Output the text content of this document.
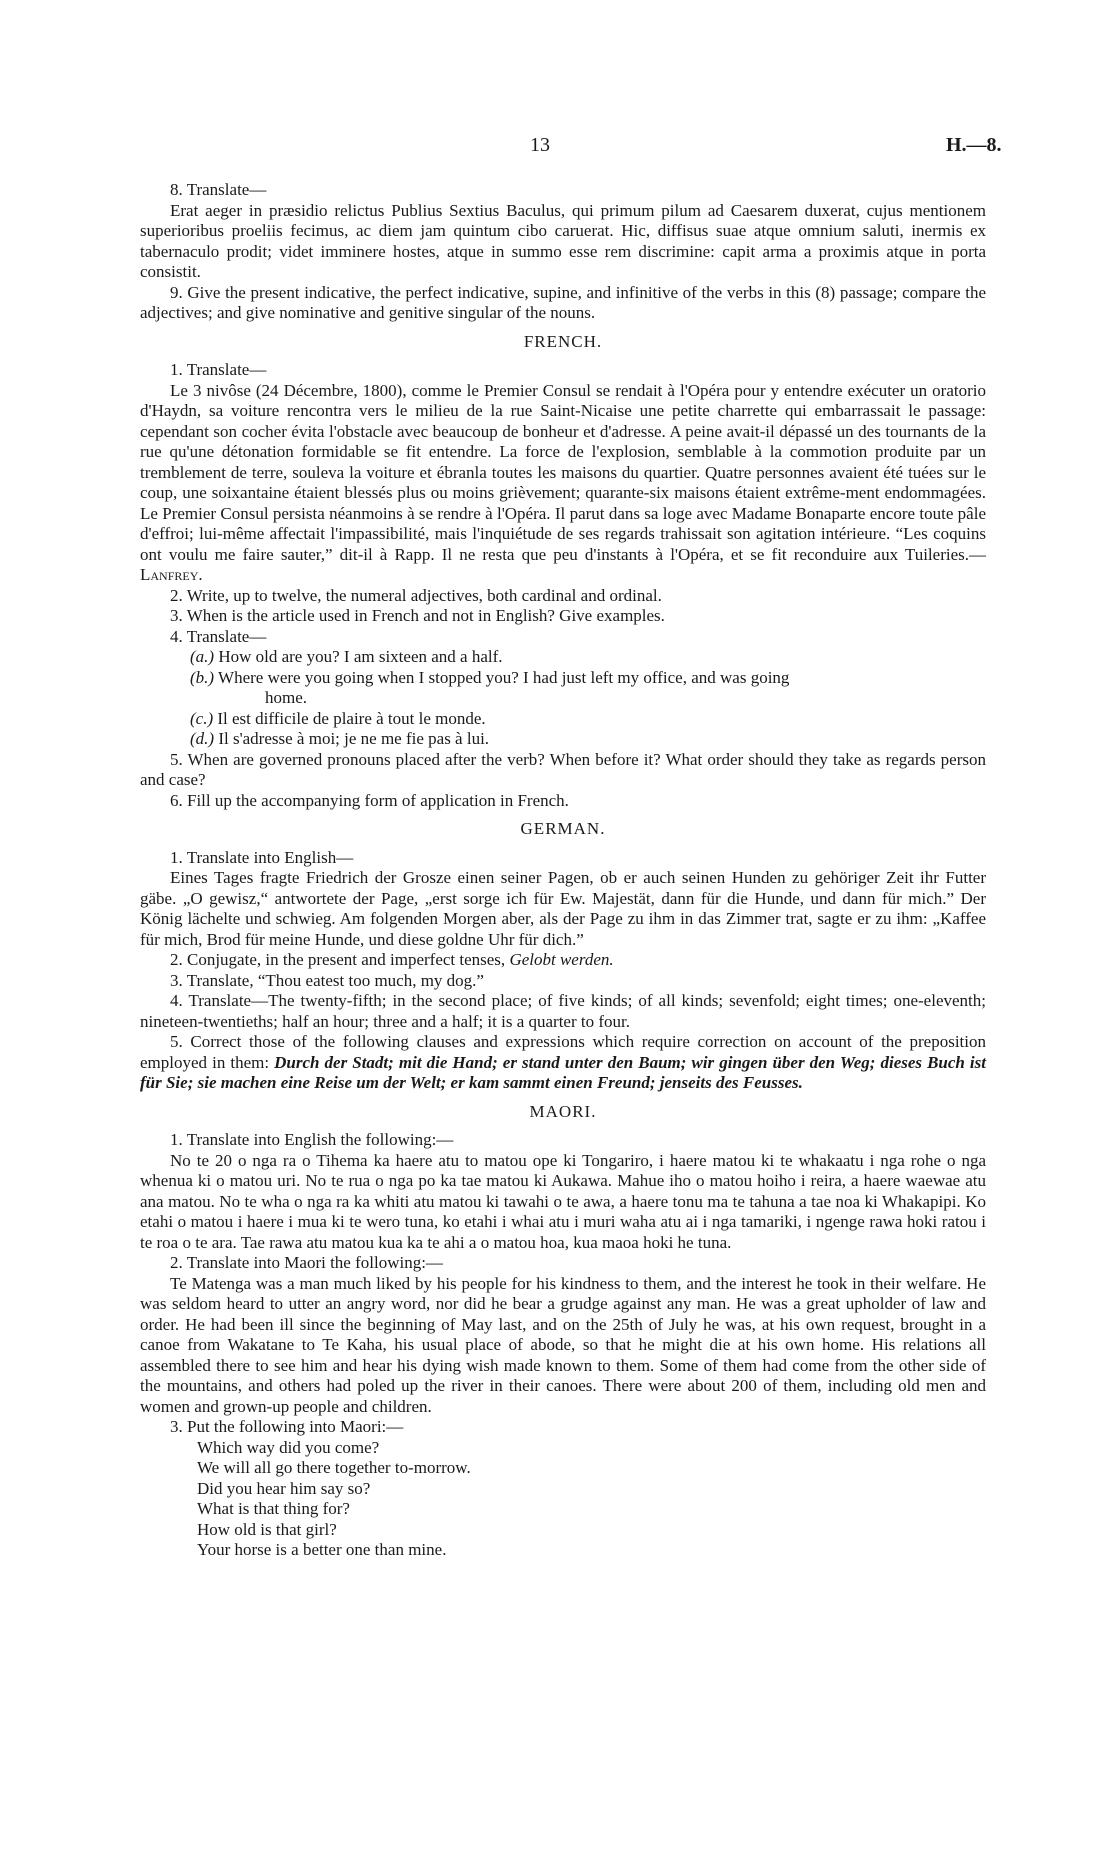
13	H.—8.

8. Translate—

Erat aeger in præsidio relictus Publius Sextius Baculus, qui primum pilum ad Caesarem duxerat, cujus mentionem superioribus proeliis fecimus, ac diem jam quintum cibo caruerat. Hic, diffisus suae atque omnium saluti, inermis ex tabernaculo prodit; videt imminere hostes, atque in summo esse rem discrimine: capit arma a proximis atque in porta consistit.

9. Give the present indicative, the perfect indicative, supine, and infinitive of the verbs in this (8) passage; compare the adjectives; and give nominative and genitive singular of the nouns.

FRENCH.

1. Translate—

Le 3 nivôse (24 Décembre, 1800), comme le Premier Consul se rendait à l'Opéra pour y entendre exécuter un oratorio d'Haydn, sa voiture rencontra vers le milieu de la rue Saint-Nicaise une petite charrette qui embarrassait le passage: cependant son cocher évita l'obstacle avec beaucoup de bonheur et d'adresse. A peine avait-il dépassé un des tournants de la rue qu'une détonation formidable se fit entendre. La force de l'explosion, semblable à la commotion produite par un tremblement de terre, souleva la voiture et ébranla toutes les maisons du quartier. Quatre personnes avaient été tuées sur le coup, une soixantaine étaient blessés plus ou moins grièvement; quarante-six maisons étaient extrême-ment endommagées. Le Premier Consul persista néanmoins à se rendre à l'Opéra. Il parut dans sa loge avec Madame Bonaparte encore toute pâle d'effroi; lui-même affectait l'impassibilité, mais l'inquiétude de ses regards trahissait son agitation intérieure. “Les coquins ont voulu me faire sauter,” dit-il à Rapp. Il ne resta que peu d'instants à l'Opéra, et se fit reconduire aux Tuileries.—Lanfrey.

2. Write, up to twelve, the numeral adjectives, both cardinal and ordinal.

3. When is the article used in French and not in English? Give examples.

4. Translate—

(a.) How old are you? I am sixteen and a half.

(b.) Where were you going when I stopped you? I had just left my office, and was going

home.

(c.) Il est difficile de plaire à tout le monde.

(d.) Il s'adresse à moi; je ne me fie pas à lui.

5. When are governed pronouns placed after the verb? When before it? What order should they take as regards person and case?

6. Fill up the accompanying form of application in French.

GERMAN.

1. Translate into English—

Eines Tages fragte Friedrich der Grosze einen seiner Pagen, ob er auch seinen Hunden zu gehöriger Zeit ihr Futter gäbe. „O gewisz,“ antwortete der Page, „erst sorge ich für Ew. Majestät, dann für die Hunde, und dann für mich.” Der König lächelte und schwieg. Am folgenden Morgen aber, als der Page zu ihm in das Zimmer trat, sagte er zu ihm: „Kaffee für mich, Brod für meine Hunde, und diese goldne Uhr für dich.”

2. Conjugate, in the present and imperfect tenses, Gelobt werden.

3. Translate, “Thou eatest too much, my dog.”

4. Translate—The twenty-fifth; in the second place; of five kinds; of all kinds; sevenfold; eight times; one-eleventh; nineteen-twentieths; half an hour; three and a half; it is a quarter to four.

5. Correct those of the following clauses and expressions which require correction on account of the preposition employed in them: Durch der Stadt; mit die Hand; er stand unter den Baum; wir gingen über den Weg; dieses Buch ist für Sie; sie machen eine Reise um der Welt; er kam sammt einen Freund; jenseits des Feusses.

MAORI.

1. Translate into English the following:—

No te 20 o nga ra o Tihema ka haere atu to matou ope ki Tongariro, i haere matou ki te whakaatu i nga rohe o nga whenua ki o matou uri. No te rua o nga po ka tae matou ki Aukawa. Mahue iho o matou hoiho i reira, a haere waewae atu ana matou. No te wha o nga ra ka whiti atu matou ki tawahi o te awa, a haere tonu ma te tahuna a tae noa ki Whakapipi. Ko etahi o matou i haere i mua ki te wero tuna, ko etahi i whai atu i muri waha atu ai i nga tamariki, i ngenge rawa hoki ratou i te roa o te ara. Tae rawa atu matou kua ka te ahi a o matou hoa, kua maoa hoki he tuna.

2. Translate into Maori the following:—

Te Matenga was a man much liked by his people for his kindness to them, and the interest he took in their welfare. He was seldom heard to utter an angry word, nor did he bear a grudge against any man. He was a great upholder of law and order. He had been ill since the beginning of May last, and on the 25th of July he was, at his own request, brought in a canoe from Wakatane to Te Kaha, his usual place of abode, so that he might die at his own home. His relations all assembled there to see him and hear his dying wish made known to them. Some of them had come from the other side of the mountains, and others had poled up the river in their canoes. There were about 200 of them, including old men and women and grown-up people and children.

3. Put the following into Maori:—

Which way did you come?

We will all go there together to-morrow.

Did you hear him say so?

What is that thing for?

How old is that girl?

Your horse is a better one than mine.
